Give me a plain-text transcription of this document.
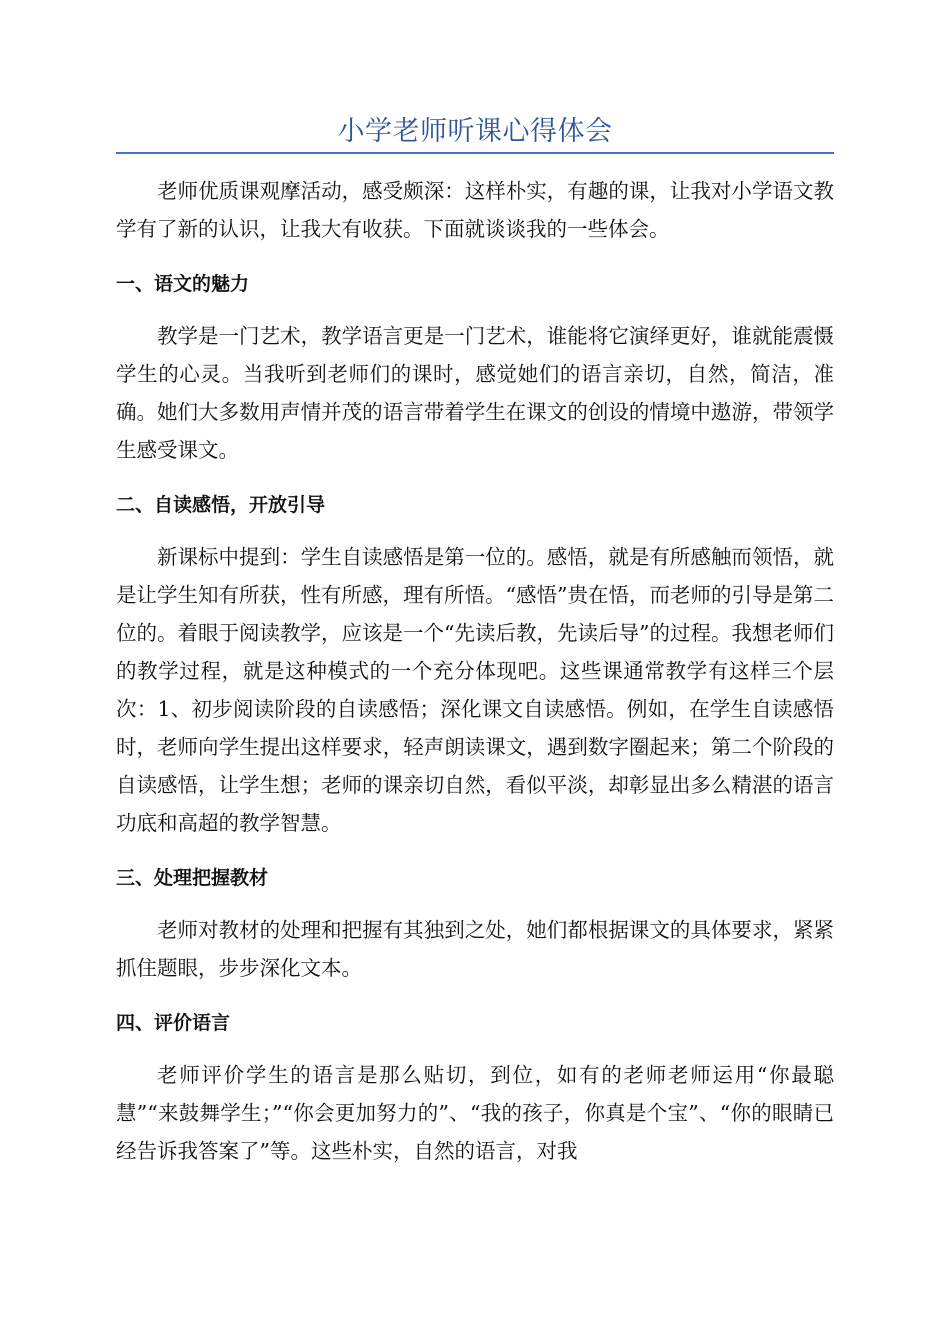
小学老师听课心得体会

老师优质课观摩活动，感受颇深：这样朴实，有趣的课，让我对小学语文教学有了新的认识，让我大有收获。下面就谈谈我的一些体会。

一、语文的魅力

教学是一门艺术，教学语言更是一门艺术，谁能将它演绎更好，谁就能震慑学生的心灵。当我听到老师们的课时，感觉她们的语言亲切，自然，简洁，准确。她们大多数用声情并茂的语言带着学生在课文的创设的情境中遨游，带领学生感受课文。

二、自读感悟，开放引导

新课标中提到：学生自读感悟是第一位的。感悟，就是有所感触而领悟，就是让学生知有所获，性有所感，理有所悟。“感悟”贵在悟，而老师的引导是第二位的。着眼于阅读教学，应该是一个“先读后教，先读后导”的过程。我想老师们的教学过程，就是这种模式的一个充分体现吧。这些课通常教学有这样三个层次：1、初步阅读阶段的自读感悟；深化课文自读感悟。例如，在学生自读感悟时，老师向学生提出这样要求，轻声朗读课文，遇到数字圈起来；第二个阶段的自读感悟，让学生想；老师的课亲切自然，看似平淡，却彰显出多么精湛的语言功底和高超的教学智慧。

三、处理把握教材

老师对教材的处理和把握有其独到之处，她们都根据课文的具体要求，紧紧抓住题眼，步步深化文本。

四、评价语言

老师评价学生的语言是那么贴切，到位，如有的老师老师运用“你最聪慧”“来鼓舞学生；”“你会更加努力的”、“我的孩子，你真是个宝”、“你的眼睛已经告诉我答案了”等。这些朴实，自然的语言，对我
